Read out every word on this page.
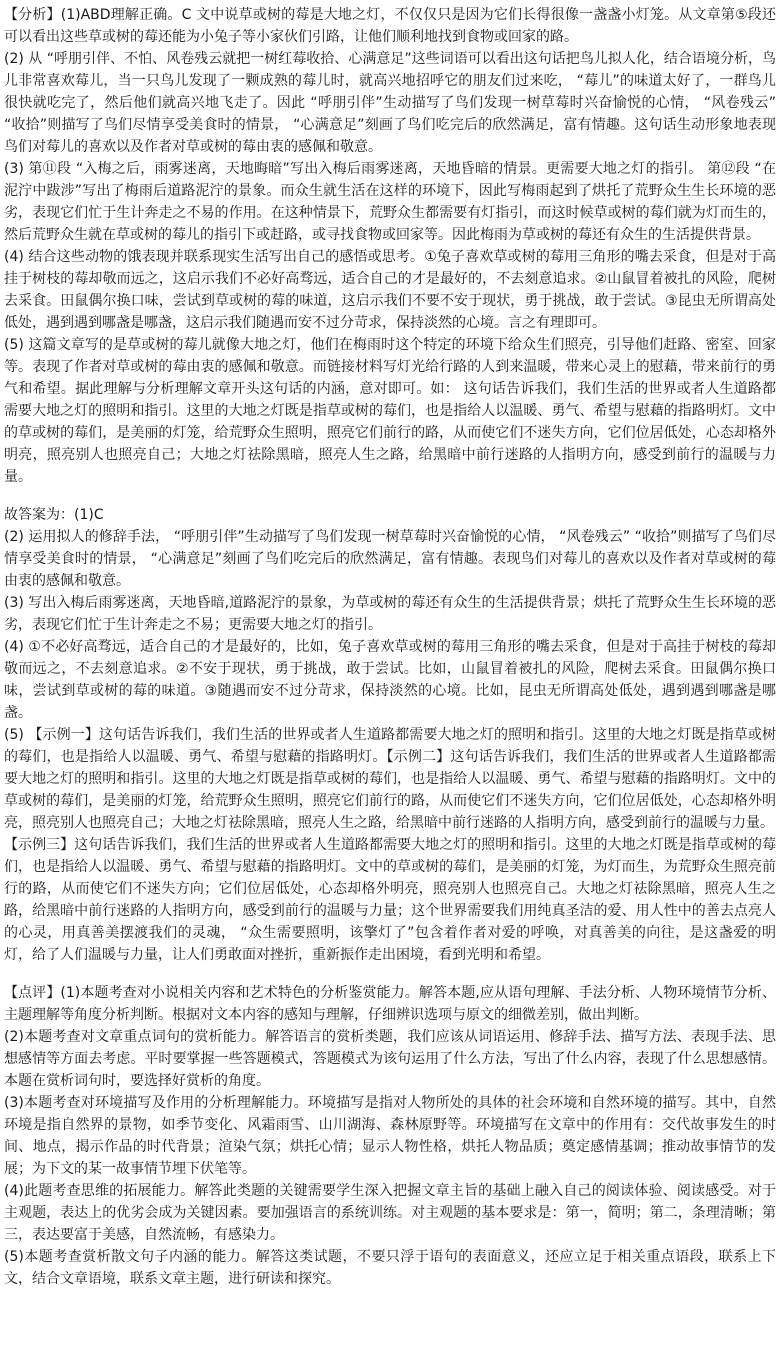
【分析】(1)ABD理解正确。C 文中说草或树的莓是大地之灯，不仅仅只是因为它们长得很像一盏盏小灯笼。从文章第⑤段还可以看出这些草或树的莓还能为小兔子等小家伙们引路，让他们顺利地找到食物或回家的路。

(2) 从 “呼朋引伴、不怕、风卷残云就把一树红莓收拾、心满意足”这些词语可以看出这句话把鸟儿拟人化，结合语境分析，鸟儿非常喜欢莓儿，当一只鸟儿发现了一颗成熟的莓儿时，就高兴地招呼它的朋友们过来吃， “莓儿”的味道太好了，一群鸟儿很快就吃完了，然后他们就高兴地飞走了。因此 “呼朋引伴”生动描写了鸟们发现一树草莓时兴奋愉悦的心情， “风卷残云” “收拾”则描写了鸟们尽情享受美食时的情景， “心满意足”刻画了鸟们吃完后的欣然满足，富有情趣。这句话生动形象地表现鸟们对莓儿的喜欢以及作者对草或树的莓由衷的感佩和敬意。

(3) 第⑪段 “入梅之后，雨雾迷离，天地晦暗”写出入梅后雨雾迷离，天地昏暗的情景。更需要大地之灯的指引。 第⑫段 “在泥泞中跋涉”写出了梅雨后道路泥泞的景象。而众生就生活在这样的环境下，因此写梅雨起到了烘托了荒野众生生长环境的恶劣，表现它们忙于生计奔走之不易的作用。在这种情景下，荒野众生都需要有灯指引，而这时候草或树的莓们就为灯而生的，然后荒野众生就在草或树的莓儿的指引下或赶路，或寻找食物或回家等。因此梅雨为草或树的莓还有众生的生活提供背景。

(4) 结合这些动物的饿表现并联系现实生活写出自己的感悟或思考。①兔子喜欢草或树的莓用三角形的嘴去采食，但是对于高挂于树枝的莓却敬而远之，这启示我们不必好高骛远，适合自己的才是最好的，不去刻意追求。②山鼠冒着被扎的风险，爬树去采食。田鼠偶尔换口味，尝试到草或树的莓的味道，这启示我们不要不安于现状，勇于挑战，敢于尝试。③昆虫无所谓高处低处，遇到遇到哪盏是哪盏，这启示我们随遇而安不过分苛求，保持淡然的心境。言之有理即可。

(5) 这篇文章写的是草或树的莓儿就像大地之灯，他们在梅雨时这个特定的环境下给众生们照亮，引导他们赶路、密室、回家等。表现了作者对草或树的莓由衷的感佩和敬意。而链接材料写灯光给行路的人到来温暖，带来心灵上的慰藉，带来前行的勇气和希望。据此理解与分析理解文章开头这句话的内涵，意对即可。如： 这句话告诉我们，我们生活的世界或者人生道路都需要大地之灯的照明和指引。这里的大地之灯既是指草或树的莓们，也是指给人以温暖、勇气、希望与慰藉的指路明灯。文中的草或树的莓们，是美丽的灯笼，给荒野众生照明，照亮它们前行的路，从而使它们不迷失方向，它们位居低处，心态却格外明亮，照亮别人也照亮自己；大地之灯祛除黑暗，照亮人生之路，给黑暗中前行迷路的人指明方向，感受到前行的温暖与力量。

故答案为：(1)C

(2) 运用拟人的修辞手法， “呼朋引伴”生动描写了鸟们发现一树草莓时兴奋愉悦的心情， “风卷残云” “收拾”则描写了鸟们尽情享受美食时的情景， “心满意足”刻画了鸟们吃完后的欣然满足，富有情趣。表现鸟们对莓儿的喜欢以及作者对草或树的莓由衷的感佩和敬意。

(3) 写出入梅后雨雾迷离，天地昏暗,道路泥泞的景象，为草或树的莓还有众生的生活提供背景；烘托了荒野众生生长环境的恶劣，表现它们忙于生计奔走之不易；更需要大地之灯的指引。

(4) ①不必好高骛远，适合自己的才是最好的，比如，兔子喜欢草或树的莓用三角形的嘴去采食，但是对于高挂于树枝的莓却敬而远之，不去刻意追求。②不安于现状，勇于挑战，敢于尝试。比如，山鼠冒着被扎的风险，爬树去采食。田鼠偶尔换口味，尝试到草或树的莓的味道。③随遇而安不过分苛求，保持淡然的心境。比如，昆虫无所谓高处低处，遇到遇到哪盏是哪盏。

(5) 【示例一】这句话告诉我们，我们生活的世界或者人生道路都需要大地之灯的照明和指引。这里的大地之灯既是指草或树的莓们，也是指给人以温暖、勇气、希望与慰藉的指路明灯。【示例二】这句话告诉我们，我们生活的世界或者人生道路都需要大地之灯的照明和指引。这里的大地之灯既是指草或树的莓们，也是指给人以温暖、勇气、希望与慰藉的指路明灯。文中的草或树的莓们，是美丽的灯笼，给荒野众生照明，照亮它们前行的路，从而使它们不迷失方向，它们位居低处，心态却格外明亮，照亮别人也照亮自己；大地之灯祛除黑暗，照亮人生之路，给黑暗中前行迷路的人指明方向，感受到前行的温暖与力量。

【示例三】这句话告诉我们，我们生活的世界或者人生道路都需要大地之灯的照明和指引。这里的大地之灯既是指草或树的莓们，也是指给人以温暖、勇气、希望与慰藉的指路明灯。文中的草或树的莓们，是美丽的灯笼，为灯而生，为荒野众生照亮前行的路，从而使它们不迷失方向；它们位居低处，心态却格外明亮，照亮别人也照亮自己。大地之灯祛除黑暗，照亮人生之路，给黑暗中前行迷路的人指明方向，感受到前行的温暖与力量；这个世界需要我们用纯真圣洁的爱、用人性中的善去点亮人的心灵，用真善美摆渡我们的灵魂， “众生需要照明，该擎灯了”包含着作者对爱的呼唤，对真善美的向往，是这盏爱的明灯，给了人们温暖与力量，让人们勇敢面对挫折，重新振作走出困境，看到光明和希望。

【点评】(1)本题考查对小说相关内容和艺术特色的分析鉴赏能力。解答本题,应从语句理解、手法分析、人物环境情节分析、主题理解等角度分析判断。根据对文本内容的感知与理解，仔细辨识选项与原文的细微差别，做出判断。

(2)本题考查对文章重点词句的赏析能力。解答语言的赏析类题，我们应该从词语运用、修辞手法、描写方法、表现手法、思想感情等方面去考虑。平时要掌握一些答题模式，答题模式为该句运用了什么方法，写出了什么内容，表现了什么思想感情。本题在赏析词句时，要选择好赏析的角度。

(3)本题考查对环境描写及作用的分析理解能力。环境描写是指对人物所处的具体的社会环境和自然环境的描写。其中，自然环境是指自然界的景物，如季节变化、风霜雨雪、山川湖海、森林原野等。环境描写在文章中的作用有：交代故事发生的时间、地点，揭示作品的时代背景；渲染气氛；烘托心情；显示人物性格，烘托人物品质；奠定感情基调；推动故事情节的发展；为下文的某一故事情节埋下伏笔等。

(4)此题考查思维的拓展能力。解答此类题的关键需要学生深入把握文章主旨的基础上融入自己的阅读体验、阅读感受。对于主观题，表达上的优劣会成为关键因素。要加强语言的系统训练。对主观题的基本要求是：第一，简明；第二，条理清晰；第三，表达要富于美感，自然流畅，有感染力。

(5)本题考查赏析散文句子内涵的能力。解答这类试题，不要只浮于语句的表面意义，还应立足于相关重点语段，联系上下文，结合文章语境，联系文章主题，进行研读和探究。
